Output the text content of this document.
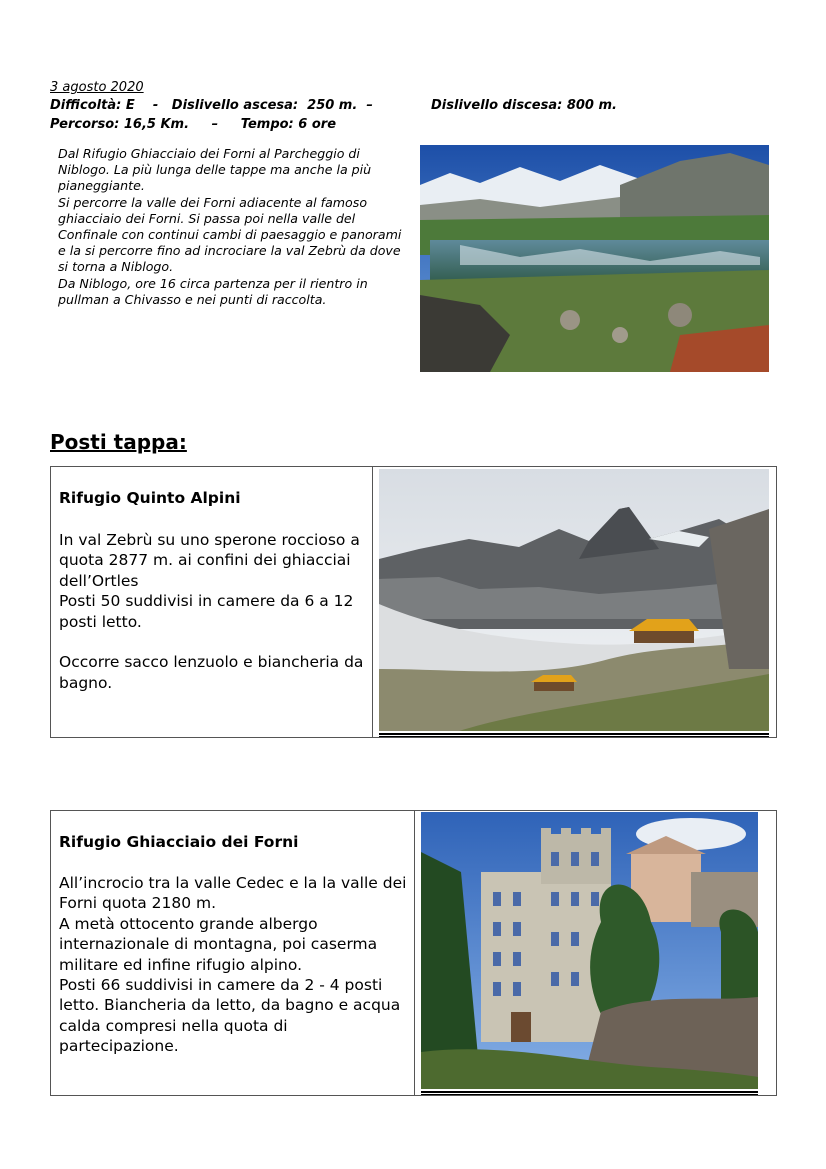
3 agosto 2020
Difficoltà: E    -   Dislivello ascesa:  250 m.  –	Dislivello discesa: 800 m.
Percorso: 16,5 Km.     –     Tempo: 6 ore

Dal Rifugio Ghiacciaio dei Forni al Parcheggio di Niblogo. La più lunga delle tappe ma anche la più pianeggiante.

Si percorre la valle dei Forni adiacente al famoso ghiacciaio dei Forni. Si passa poi nella valle del Confinale con continui cambi di paesaggio e panorami e la si percorre fino ad incrociare la val Zebrù da dove si torna a Niblogo.

Da Niblogo, ore 16 circa partenza per il rientro in pullman a Chivasso e nei punti di raccolta.

Posti tappa:
Rifugio Quinto Alpini

In val Zebrù su uno sperone roccioso a quota 2877 m. ai confini dei ghiacciai dell’Ortles

Posti 50 suddivisi in camere da 6 a 12 posti letto.

Occorre sacco lenzuolo e biancheria da bagno.

Rifugio Ghiacciaio dei Forni

All’incrocio tra la valle Cedec e la la valle dei Forni quota 2180 m.

A metà ottocento grande albergo internazionale di montagna, poi caserma militare ed infine rifugio alpino.

Posti 66 suddivisi in camere da 2 - 4 posti letto. Biancheria da letto, da bagno e acqua calda compresi nella quota di partecipazione.
